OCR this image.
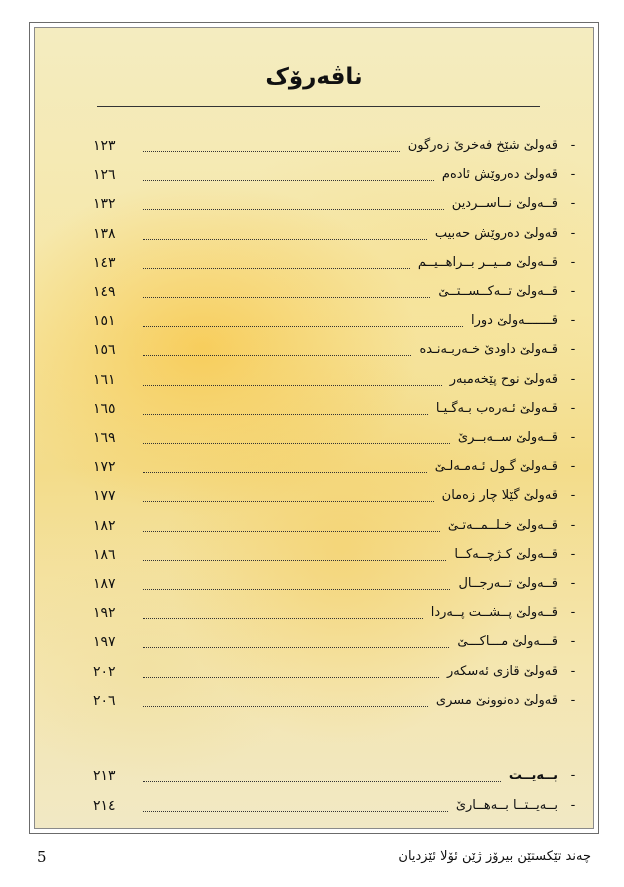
ناڤەرۆک
-
قەولێ شێخ فەخرێ زەرگون
١٢٣
-
قەولێ دەروێش ئادەم
١٢٦
-
قــەولێ نــاســردین
١٣٢
-
قەولێ دەروێش حەبیب
١٣٨
-
قــەولێ مــیــر بــراهــیــم
١٤٣
-
قــەولێ تــەكــســتــێ
١٤٩
-
قـــــــەولێ دورا
١٥١
-
قـەولێ داودێ خـەربـەنـدە
١٥٦
-
قەولێ نوح پێخەمبەر
١٦١
-
قـەولێ ئـەرەب بـەگـیـا
١٦٥
-
قــەولێ ســەبــرێ
١٦٩
-
قـەولێ گـول ئـەمـەلـێ
١٧٢
-
قەولێ گێلا چار زەمان
١٧٧
-
قــەولێ خـلــمــەتـێ
١٨٢
-
قــەولێ كـژچــەكــا
١٨٦
-
قــەولێ تــەرجــال
١٨٧
-
قــەولێ پــشــت پــەردا
١٩٢
-
قـــەولێ مـــاكـــێ
١٩٧
-
قەولێ قازی ئەسكەر
٢٠٢
-
قەولێ دەنوونێ مسری
٢٠٦
-
بــەیــت
٢١٣
-
بــەیــتــا بــەهــارێ
٢١٤
5	چەند تێکستێن بیرۆز ژێن ئۆلا ئێزدیان
